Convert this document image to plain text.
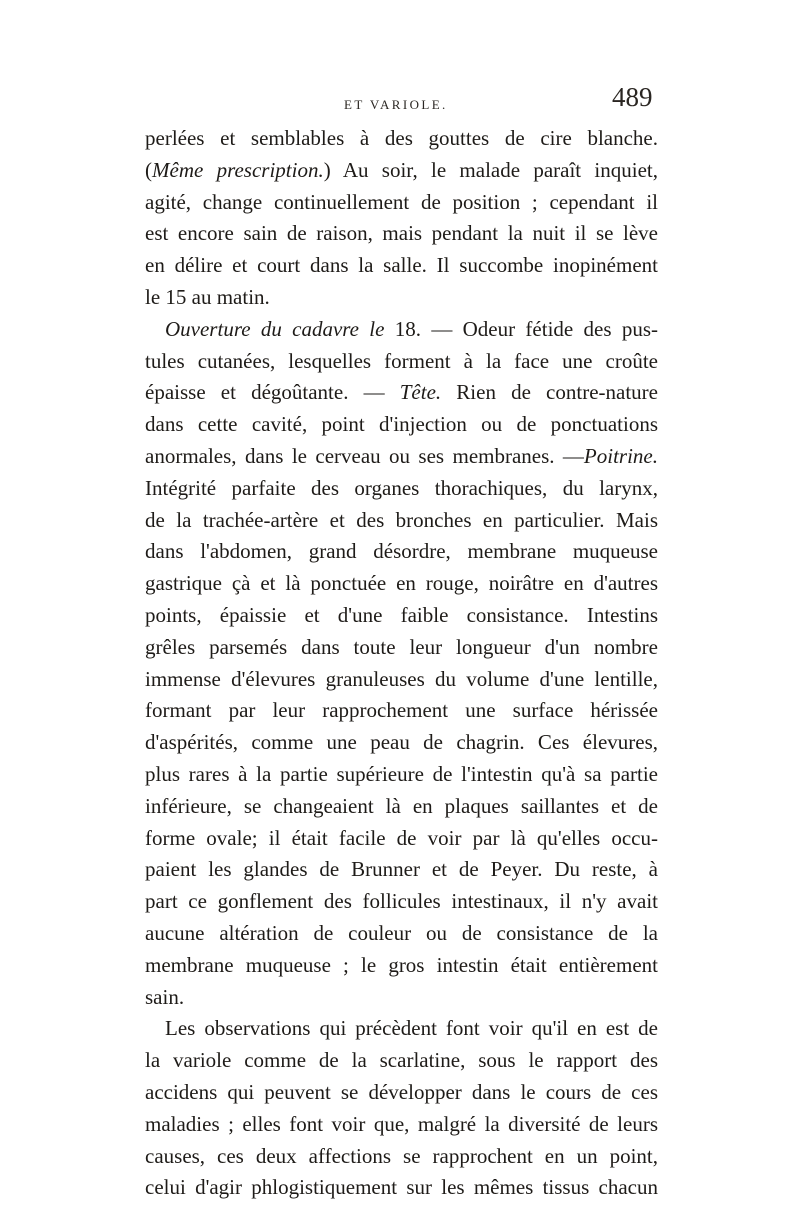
ET VARIOLE.	489
perlées et semblables à des gouttes de cire blanche.
(Même prescription.) Au soir, le malade paraît inquiet,
agité, change continuellement de position ; cependant il
est encore sain de raison, mais pendant la nuit il se lève
en délire et court dans la salle. Il succombe inopinément
le 15 au matin.
Ouverture du cadavre le 18. — Odeur fétide des pus-
tules cutanées, lesquelles forment à la face une croûte
épaisse et dégoûtante. — Tête. Rien de contre-nature
dans cette cavité, point d'injection ou de ponctuations
anormales, dans le cerveau ou ses membranes. —Poitrine.
Intégrité parfaite des organes thorachiques, du larynx,
de la trachée-artère et des bronches en particulier. Mais
dans l'abdomen, grand désordre, membrane muqueuse
gastrique çà et là ponctuée en rouge, noirâtre en d'autres
points, épaissie et d'une faible consistance. Intestins
grêles parsemés dans toute leur longueur d'un nombre
immense d'élevures granuleuses du volume d'une lentille,
formant par leur rapprochement une surface hérissée
d'aspérités, comme une peau de chagrin. Ces élevures,
plus rares à la partie supérieure de l'intestin qu'à sa partie
inférieure, se changeaient là en plaques saillantes et de
forme ovale; il était facile de voir par là qu'elles occu-
paient les glandes de Brunner et de Peyer. Du reste, à
part ce gonflement des follicules intestinaux, il n'y avait
aucune altération de couleur ou de consistance de la
membrane muqueuse ; le gros intestin était entièrement
sain.
Les observations qui précèdent font voir qu'il en est de
la variole comme de la scarlatine, sous le rapport des
accidens qui peuvent se développer dans le cours de ces
maladies ; elles font voir que, malgré la diversité de leurs
causes, ces deux affections se rapprochent en un point,
celui d'agir phlogistiquement sur les mêmes tissus chacun
